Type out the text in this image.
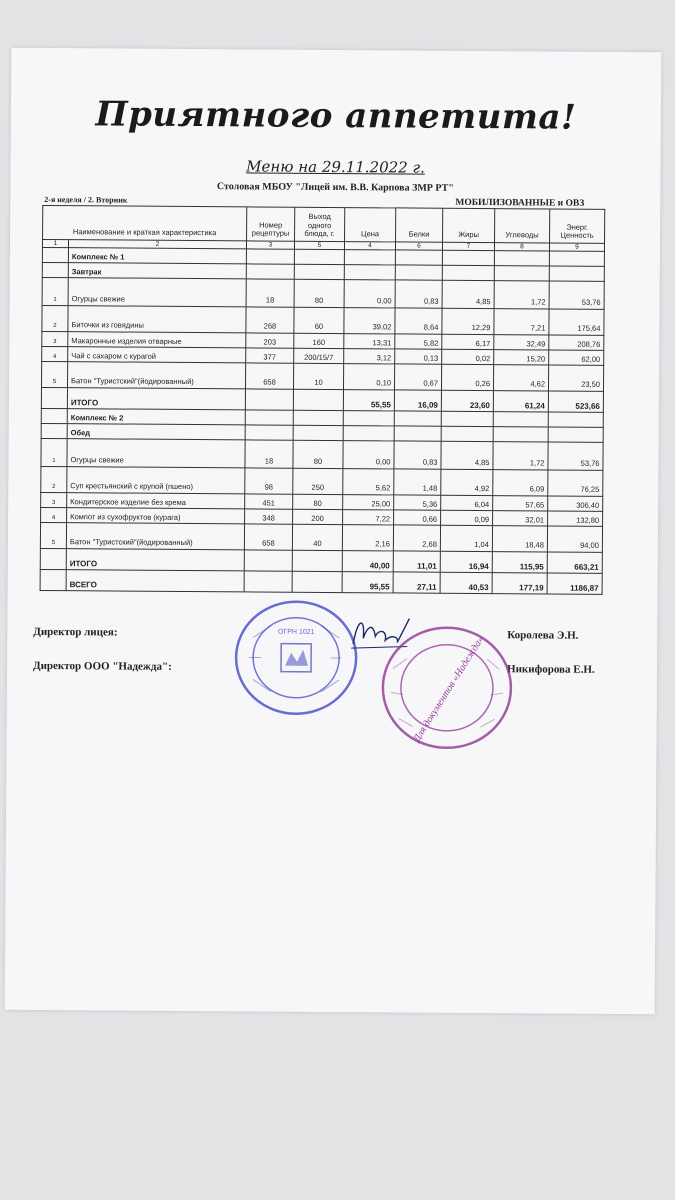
Приятного аппетита!
Меню на 29.11.2022 г.
Столовая МБОУ "Лицей им. В.В. Карпова ЗМР РТ"
2-я неделя / 2. Вторник	МОБИЛИЗОВАННЫЕ и ОВЗ
Наименование и краткая характеристика		Номер рецептуры	Выход одного блюда, г.	Цена	Белки	Жиры	Углеводы	Энерг. Ценность
1	2	3	5	4	6	7	8	9
	Комплекс № 1							
	Завтрак							
1	Огурцы свежие	18	80	0,00	0,83	4,85	1,72	53,76
2	Биточки из говядины	268	60	39,02	8,64	12,29	7,21	175,64
3	Макаронные изделия отварные	203	160	13,31	5,82	6,17	32,49	208,76
4	Чай с сахаром с курагой	377	200/15/7	3,12	0,13	0,02	15,20	62,00
5	Батон "Туристский"(йодированный)	658	10	0,10	0,67	0,26	4,62	23,50
	ИТОГО			55,55	16,09	23,60	61,24	523,66
	Комплекс № 2							
	Обед							
1	Огурцы свежие	18	80	0,00	0,83	4,85	1,72	53,76
2	Суп крестьянский с крупой (пшено)	98	250	5,62	1,48	4,92	6,09	76,25
3	Кондитерское изделие без крема	451	80	25,00	5,36	6,04	57,65	306,40
4	Компот из сухофруктов (курага)	348	200	7,22	0,66	0,09	32,01	132,80
5	Батон "Туристский"(йодированный)	658	40	2,16	2,68	1,04	18,48	94,00
	ИТОГО			40,00	11,01	16,94	115,95	663,21
	ВСЕГО			95,55	27,11	40,53	177,19	1186,87
Директор лицея:	Королева Э.Н.
Директор ООО "Надежда":	Никифорова Е.Н.
ОГРН 1021
Для документов «Надежда»
